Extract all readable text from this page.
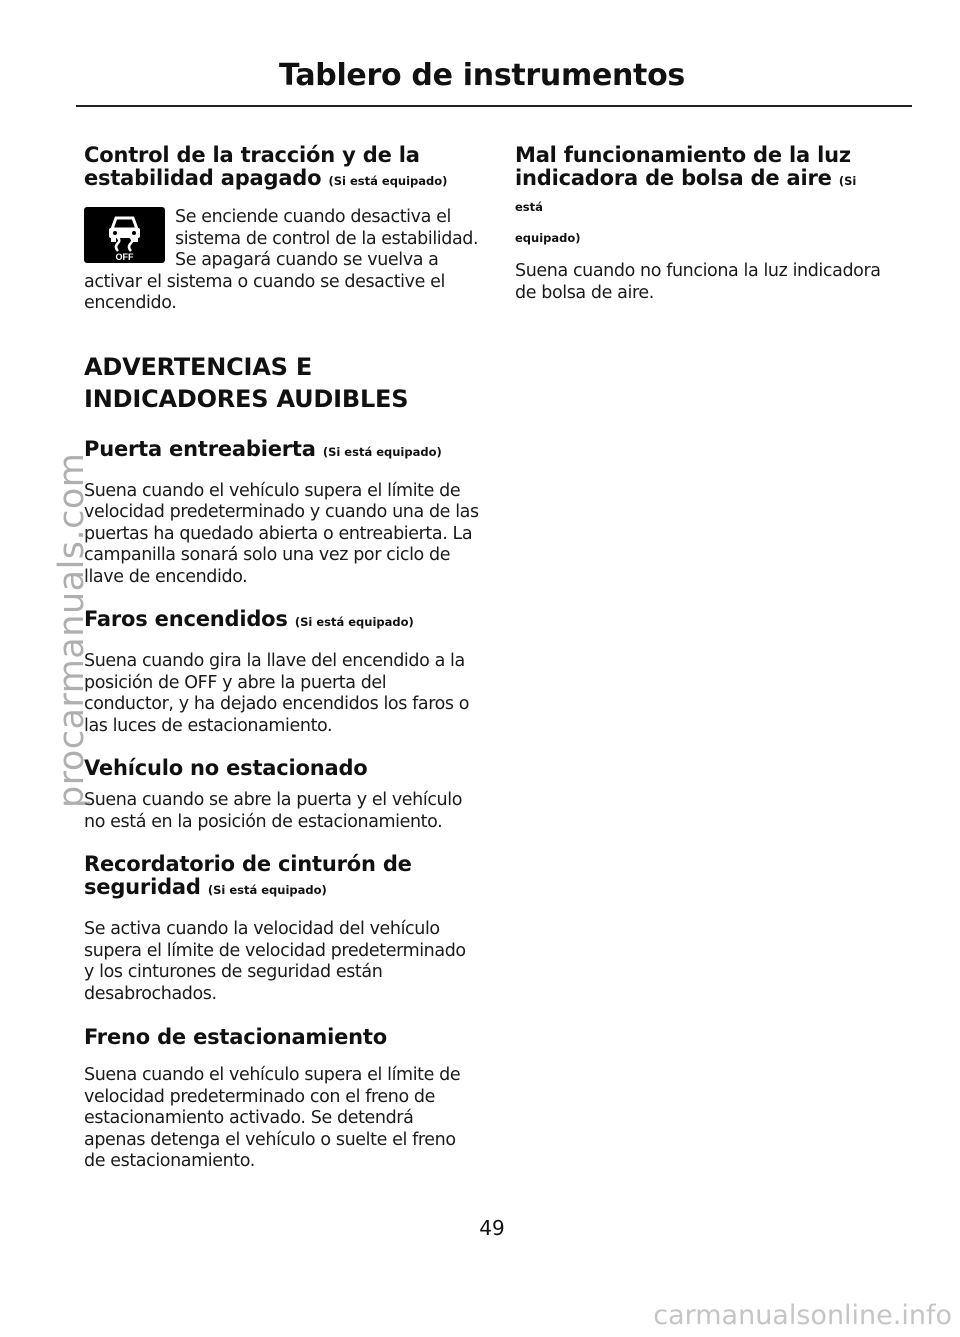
Tablero de instrumentos
Control de la tracción y de la estabilidad apagado (Si está equipado)
OFF

Se enciende cuando desactiva el sistema de control de la estabilidad. Se apagará cuando se vuelva a activar el sistema o cuando se desactive el encendido.

ADVERTENCIAS E
INDICADORES AUDIBLES
Puerta entreabierta (Si está equipado)

Suena cuando el vehículo supera el límite de velocidad predeterminado y cuando una de las puertas ha quedado abierta o entreabierta. La campanilla sonará solo una vez por ciclo de llave de encendido.

Faros encendidos (Si está equipado)

Suena cuando gira la llave del encendido a la posición de OFF y abre la puerta del conductor, y ha dejado encendidos los faros o las luces de estacionamiento.

Vehículo no estacionado

Suena cuando se abre la puerta y el vehículo no está en la posición de estacionamiento.

Recordatorio de cinturón de
seguridad (Si está equipado)

Se activa cuando la velocidad del vehículo supera el límite de velocidad predeterminado y los cinturones de seguridad están desabrochados.

Freno de estacionamiento

Suena cuando el vehículo supera el límite de velocidad predeterminado con el freno de estacionamiento activado. Se detendrá apenas detenga el vehículo o suelte el freno de estacionamiento.

Mal funcionamiento de la luz
indicadora de bolsa de aire (Si está
equipado)

Suena cuando no funciona la luz indicadora de bolsa de aire.

49
procarmanuals.com
carmanualsonline.info
